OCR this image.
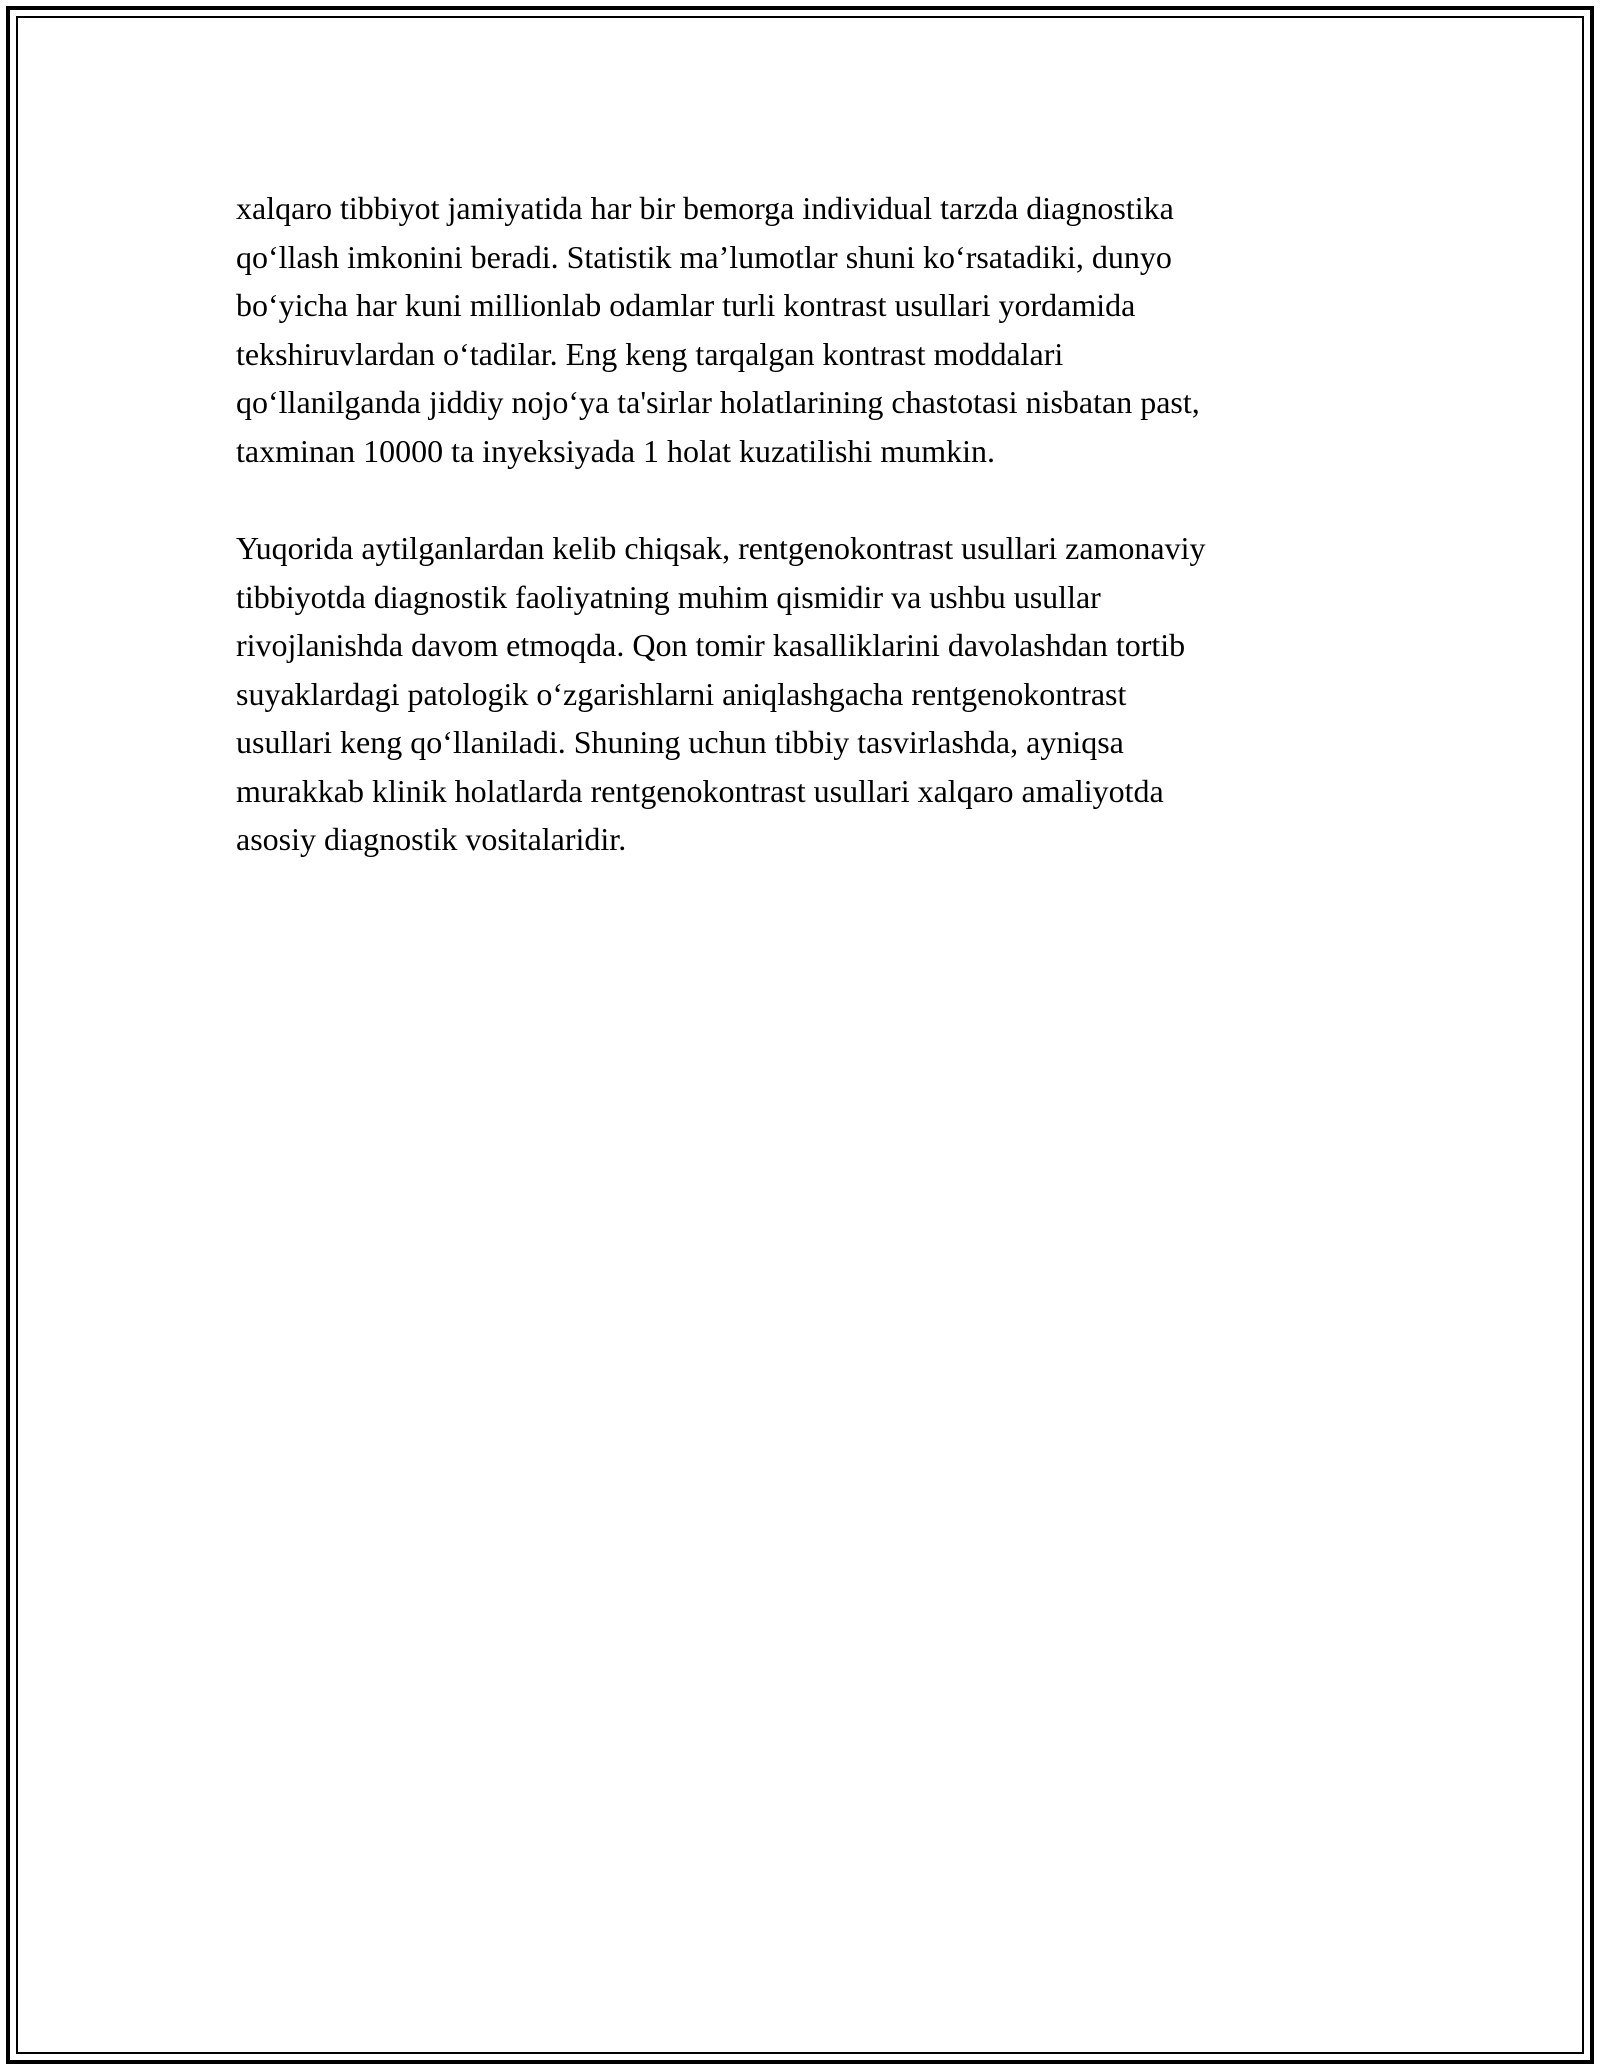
xalqaro tibbiyot jamiyatida har bir bemorga individual tarzda diagnostika
qo‘llash imkonini beradi. Statistik ma’lumotlar shuni ko‘rsatadiki, dunyo
bo‘yicha har kuni millionlab odamlar turli kontrast usullari yordamida
tekshiruvlardan o‘tadilar. Eng keng tarqalgan kontrast moddalari
qo‘llanilganda jiddiy nojo‘ya ta'sirlar holatlarining chastotasi nisbatan past,
taxminan 10000 ta inyeksiyada 1 holat kuzatilishi mumkin.

Yuqorida aytilganlardan kelib chiqsak, rentgenokontrast usullari zamonaviy
tibbiyotda diagnostik faoliyatning muhim qismidir va ushbu usullar
rivojlanishda davom etmoqda. Qon tomir kasalliklarini davolashdan tortib
suyaklardagi patologik o‘zgarishlarni aniqlashgacha rentgenokontrast
usullari keng qo‘llaniladi. Shuning uchun tibbiy tasvirlashda, ayniqsa
murakkab klinik holatlarda rentgenokontrast usullari xalqaro amaliyotda
asosiy diagnostik vositalaridir.
